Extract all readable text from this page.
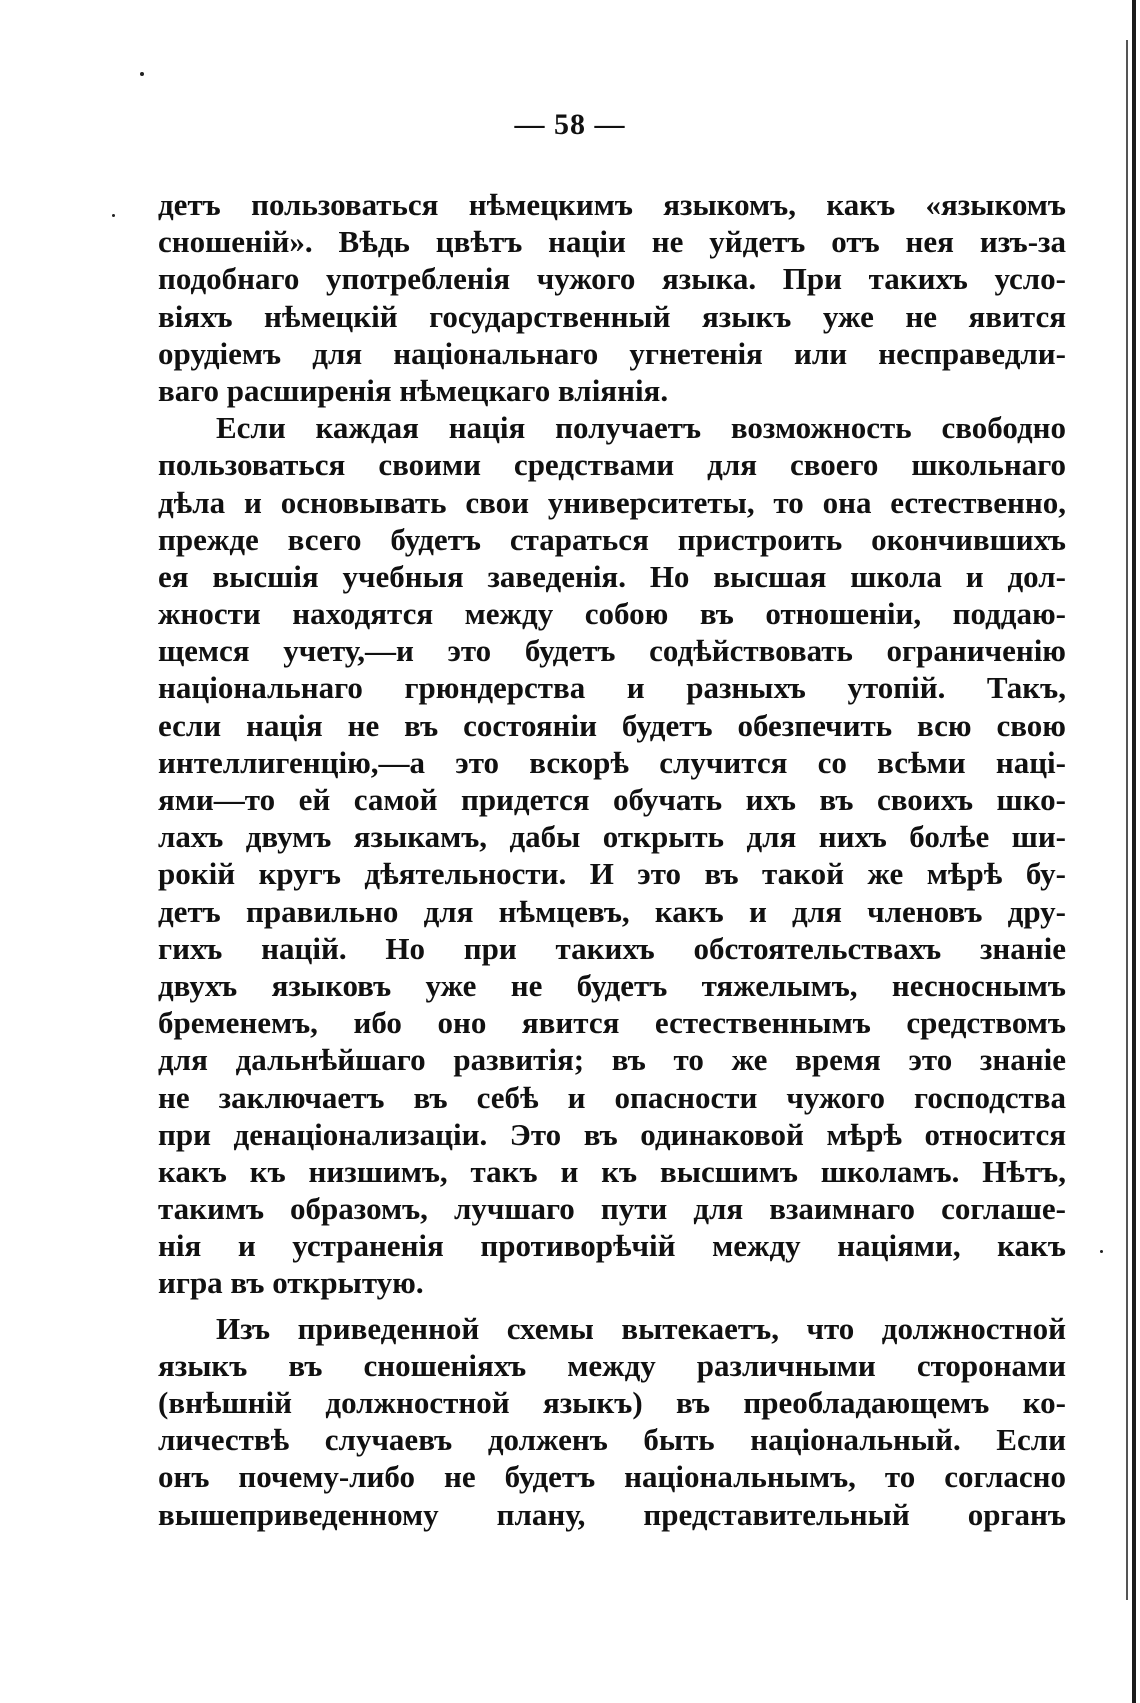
— 58 —
детъ пользоваться нѣмецкимъ языкомъ, какъ «языкомъ
сношеній». Вѣдь цвѣтъ націи не уйдетъ отъ нея изъ-за
подобнаго употребленія чужого языка. При такихъ усло-
віяхъ нѣмецкій государственный языкъ уже не явится
орудіемъ для національнаго угнетенія или несправедли-
ваго расширенія нѣмецкаго вліянія.
Если каждая нація получаетъ возможность свободно
пользоваться своими средствами для своего школьнаго
дѣла и основывать свои университеты, то она естественно,
прежде всего будетъ стараться пристроить окончившихъ
ея высшія учебныя заведенія. Но высшая школа и дол-
жности находятся между собою въ отношеніи, поддаю-
щемся учету,—и это будетъ содѣйствовать ограниченію
національнаго грюндерства и разныхъ утопій. Такъ,
если нація не въ состояніи будетъ обезпечить всю свою
интеллигенцію,—а это вскорѣ случится со всѣми наці-
ями—то ей самой придется обучать ихъ въ своихъ шко-
лахъ двумъ языкамъ, дабы открыть для нихъ болѣе ши-
рокій кругъ дѣятельности. И это въ такой же мѣрѣ бу-
детъ правильно для нѣмцевъ, какъ и для членовъ дру-
гихъ націй. Но при такихъ обстоятельствахъ знаніе
двухъ языковъ уже не будетъ тяжелымъ, несноснымъ
бременемъ, ибо оно явится естественнымъ средствомъ
для дальнѣйшаго развитія; въ то же время это знаніе
не заключаетъ въ себѣ и опасности чужого господства
при денаціонализаціи. Это въ одинаковой мѣрѣ относится
какъ къ низшимъ, такъ и къ высшимъ школамъ. Нѣтъ,
такимъ образомъ, лучшаго пути для взаимнаго соглаше-
нія и устраненія противорѣчій между націями, какъ
игра въ открытую.
Изъ приведенной схемы вытекаетъ, что должностной
языкъ въ сношеніяхъ между различными сторонами
(внѣшній должностной языкъ) въ преобладающемъ ко-
личествѣ случаевъ долженъ быть національный. Если
онъ почему-либо не будетъ національнымъ, то согласно
вышеприведенному плану, представительный органъ
